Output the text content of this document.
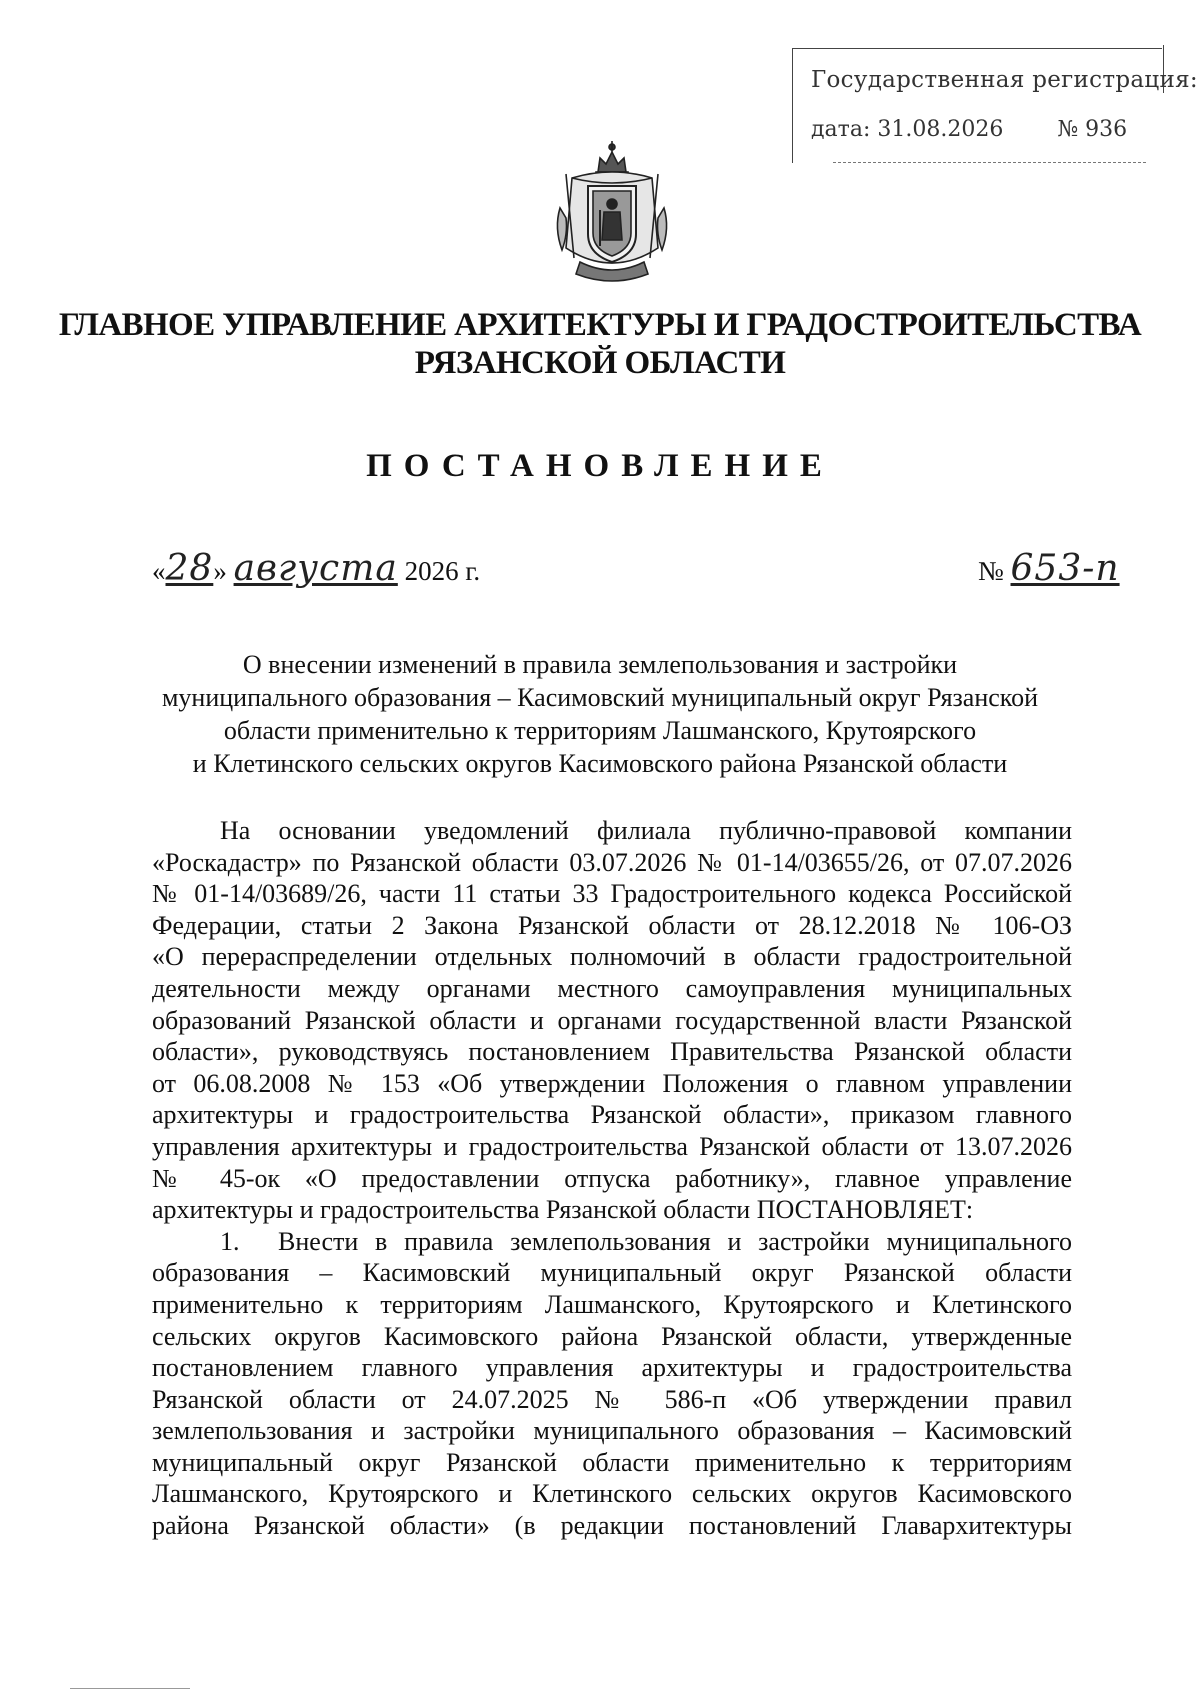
Государственная регистрация:
дата: 31.08.2026 № 936
ГЛАВНОЕ УПРАВЛЕНИЕ АРХИТЕКТУРЫ И ГРАДОСТРОИТЕЛЬСТВА
РЯЗАНСКОЙ ОБЛАСТИ
ПОСТАНОВЛЕНИЕ
«28» августа 2026 г.	№ 653-п
О внесении изменений в правила землепользования и застройки
муниципального образования – Касимовский муниципальный округ Рязанской
области применительно к территориям Лашманского, Крутоярского
и Клетинского сельских округов Касимовского района Рязанской области
На основании уведомлений филиала публично-правовой компании
«Роскадастр» по Рязанской области 03.07.2026 № 01-14/03655/26, от 07.07.2026
№ 01-14/03689/26, части 11 статьи 33 Градостроительного кодекса Российской
Федерации, статьи 2 Закона Рязанской области от 28.12.2018 № 106-ОЗ
«О перераспределении отдельных полномочий в области градостроительной
деятельности между органами местного самоуправления муниципальных
образований Рязанской области и органами государственной власти Рязанской
области», руководствуясь постановлением Правительства Рязанской области
от 06.08.2008 № 153 «Об утверждении Положения о главном управлении
архитектуры и градостроительства Рязанской области», приказом главного
управления архитектуры и градостроительства Рязанской области от 13.07.2026
№ 45-ок «О предоставлении отпуска работнику», главное управление
архитектуры и градостроительства Рязанской области ПОСТАНОВЛЯЕТ:
1. Внести в правила землепользования и застройки муниципального
образования – Касимовский муниципальный округ Рязанской области
применительно к территориям Лашманского, Крутоярского и Клетинского
сельских округов Касимовского района Рязанской области, утвержденные
постановлением главного управления архитектуры и градостроительства
Рязанской области от 24.07.2025 № 586-п «Об утверждении правил
землепользования и застройки муниципального образования – Касимовский
муниципальный округ Рязанской области применительно к территориям
Лашманского, Крутоярского и Клетинского сельских округов Касимовского
района Рязанской области» (в редакции постановлений Главархитектуры
